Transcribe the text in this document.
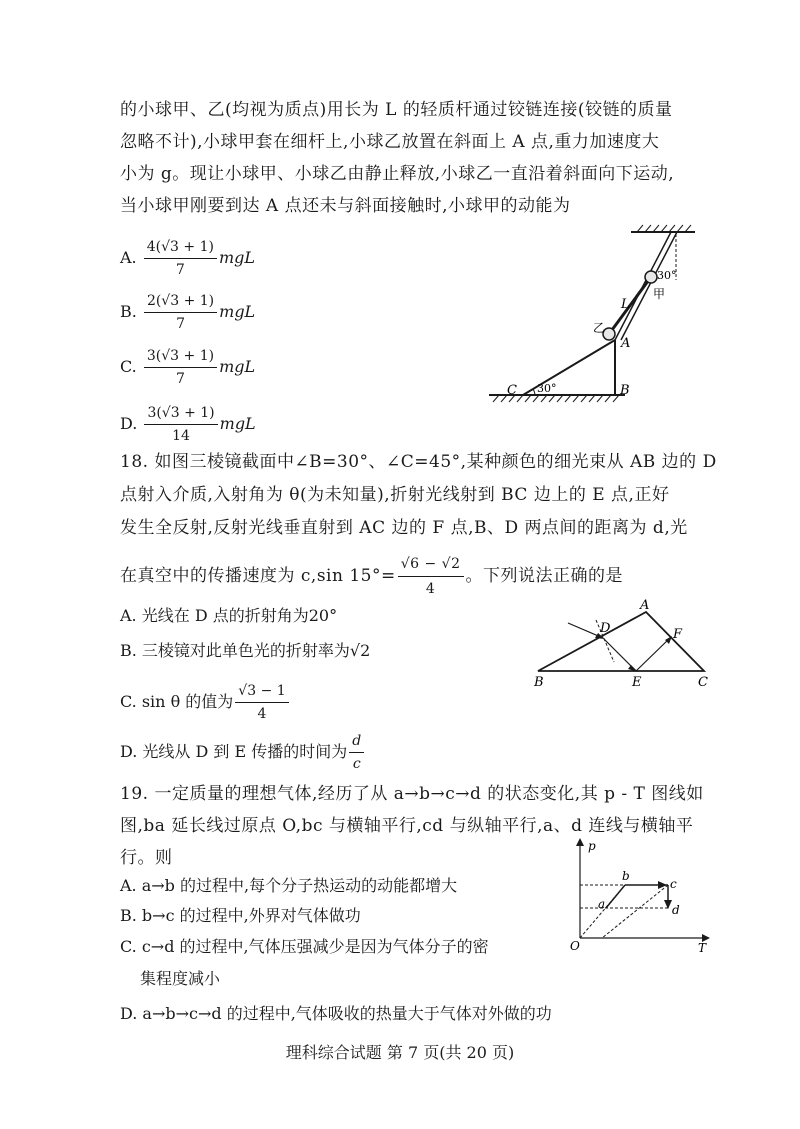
的小球甲、乙(均视为质点)用长为 L 的轻质杆通过铰链连接(铰链的质量
忽略不计),小球甲套在细杆上,小球乙放置在斜面上 A 点,重力加速度大
小为 g。现让小球甲、小球乙由静止释放,小球乙一直沿着斜面向下运动,
当小球甲刚要到达 A 点还未与斜面接触时,小球甲的动能为
A. $\frac{4(√3 + 1)}{7}$ mgL
B. $\frac{2(√3 + 1)}{7}$ mgL
C. $\frac{3(√3 + 1)}{7}$ mgL
D. $\frac{3(√3 + 1)}{14}$ mgL
30°
甲
L
乙
A
B
C 30°
18. 如图三棱镜截面中∠B=30°、∠C=45°,某种颜色的细光束从 AB 边的 D
点射入介质,入射角为 θ(为未知量),折射光线射到 BC 边上的 E 点,正好
发生全反射,反射光线垂直射到 AC 边的 F 点,B、D 两点间的距离为 d,光
在真空中的传播速度为 c,sin $15^\circ= \frac{√6 - √2}{4}$ 。下列说法正确的是
A. 光线在 D 点的折射角为20°
B. 三棱镜对此单色光的折射率为√2
C. sin θ 的值为 $\frac{√3 - 1}{4}$
D. 光线从 D 到 E 传播的时间为 $\frac{d}{c}$
D
A
F
B	E	C
19. 一定质量的理想气体,经历了从 a→b→c→d 的状态变化,其 p - T 图线如
图,ba 延长线过原点 O,bc 与横轴平行,cd 与纵轴平行,a、d 连线与横轴平
行。则
A. a→b 的过程中,每个分子热运动的动能都增大
B. b→c 的过程中,外界对气体做功
C. c→d 的过程中,气体压强减少是因为气体分子的密
集程度减小
D. a→b→c→d 的过程中,气体吸收的热量大于气体对外做的功
p
T
O
a
b
c
d
理科综合试题 第 7 页(共 20 页)
